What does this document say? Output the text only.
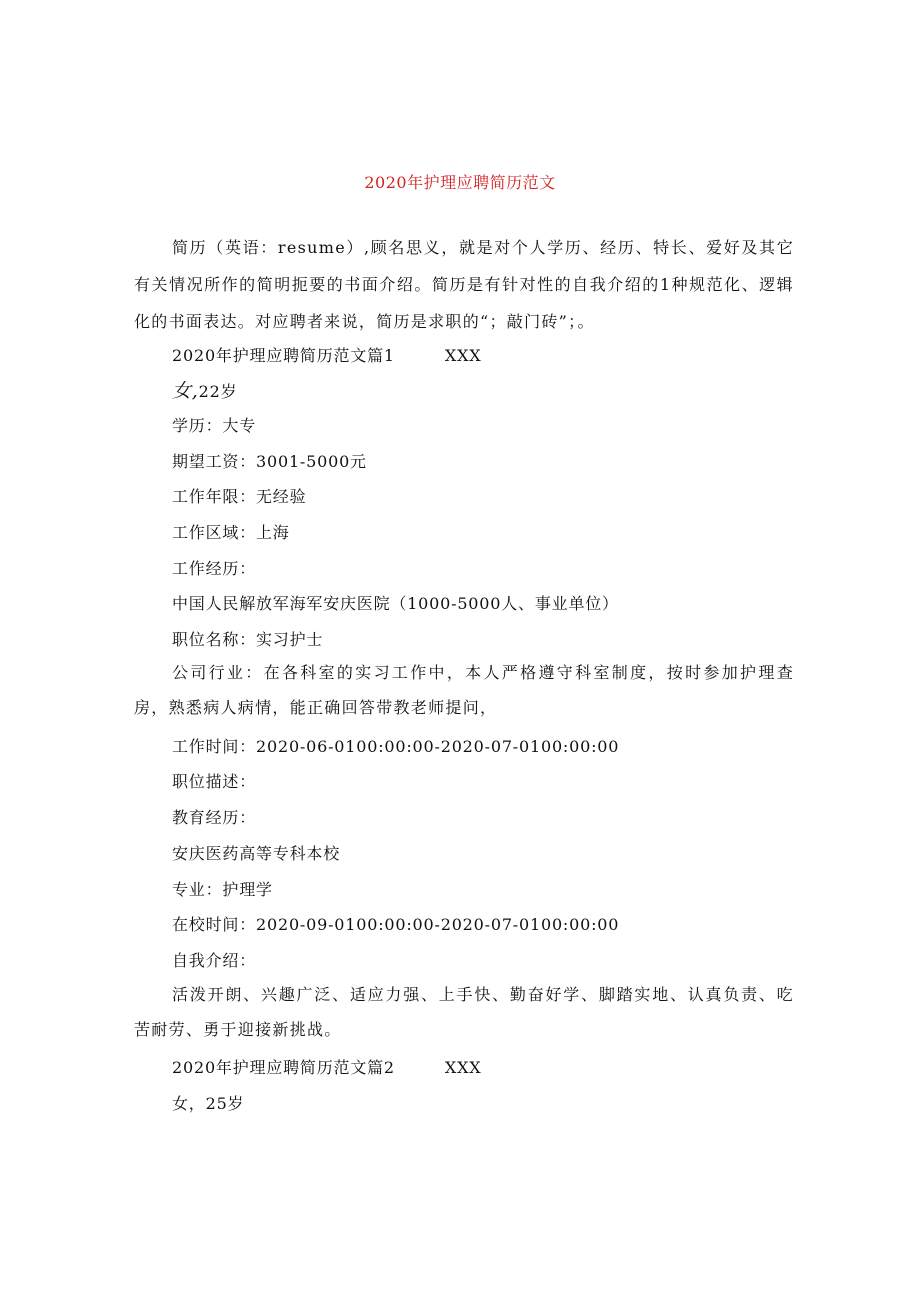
2020年护理应聘简历范文
简历（英语：resume）,顾名思义，就是对个人学历、经历、特长、爱好及其它有关情况所作的简明扼要的书面介绍。简历是有针对性的自我介绍的1种规范化、逻辑化的书面表达。对应聘者来说，简历是求职的“；敲门砖”；。
2020年护理应聘简历范文篇1	XXX
女,22岁
学历：大专
期望工资：3001-5000元
工作年限：无经验
工作区域：上海
工作经历：
中国人民解放军海军安庆医院（1000-5000人、事业单位）
职位名称：实习护士
公司行业：在各科室的实习工作中，本人严格遵守科室制度，按时参加护理查房，熟悉病人病情，能正确回答带教老师提问，
工作时间：2020-06-0100:00:00-2020-07-0100:00:00
职位描述：
教育经历：
安庆医药高等专科本校
专业：护理学
在校时间：2020-09-0100:00:00-2020-07-0100:00:00
自我介绍：
活泼开朗、兴趣广泛、适应力强、上手快、勤奋好学、脚踏实地、认真负责、吃苦耐劳、勇于迎接新挑战。
2020年护理应聘简历范文篇2	XXX
女，25岁
